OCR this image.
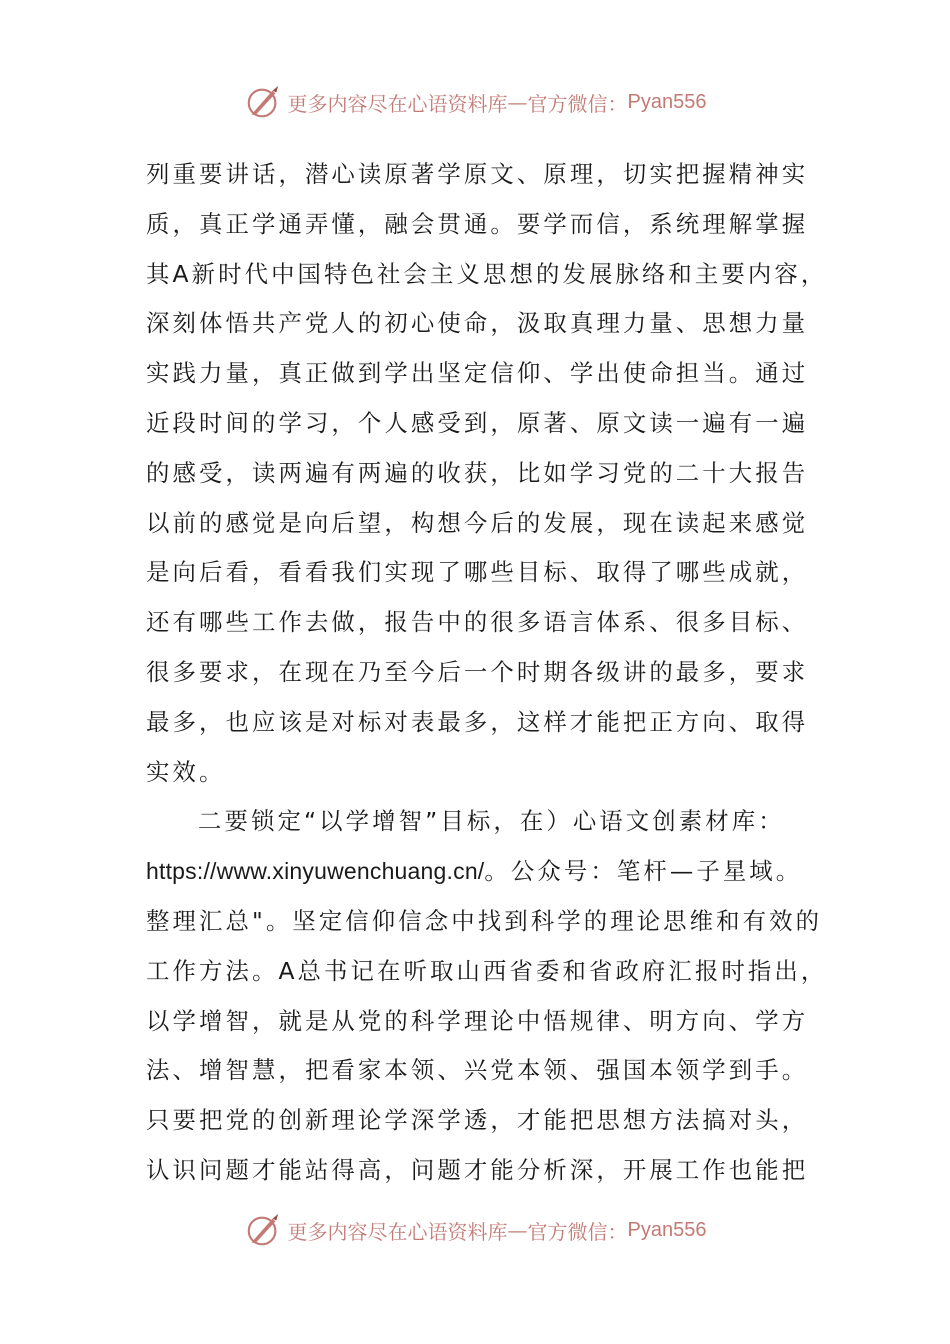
更多内容尽在心语资料库 — 官方微信： Pyan556
列重要讲话，潜心读原著学原文、原理，切实把握精神实
质，真正学通弄懂，融会贯通。要学而信，系统理解掌握
其A新时代中国特色社会主义思想的发展脉络和主要内容，
深刻体悟共产党人的初心使命，汲取真理力量、思想力量
实践力量，真正做到学出坚定信仰、学出使命担当。通过
近段时间的学习，个人感受到，原著、原文读一遍有一遍
的感受，读两遍有两遍的收获，比如学习党的二十大报告
以前的感觉是向后望，构想今后的发展，现在读起来感觉
是向后看，看看我们实现了哪些目标、取得了哪些成就，
还有哪些工作去做，报告中的很多语言体系、很多目标、
很多要求，在现在乃至今后一个时期各级讲的最多，要求
最多，也应该是对标对表最多，这样才能把正方向、取得
实效。
二要锁定“以学增智”目标，在）心语文创素材库：
https://www.xinyuwenchuang.cn/。公众号：笔杆—子星域。
整理汇总"。坚定信仰信念中找到科学的理论思维和有效的
工作方法。A总书记在听取山西省委和省政府汇报时指出，
以学增智，就是从党的科学理论中悟规律、明方向、学方
法、增智慧，把看家本领、兴党本领、强国本领学到手。
只要把党的创新理论学深学透，才能把思想方法搞对头，
认识问题才能站得高，问题才能分析深，开展工作也能把
更多内容尽在心语资料库 — 官方微信： Pyan556
